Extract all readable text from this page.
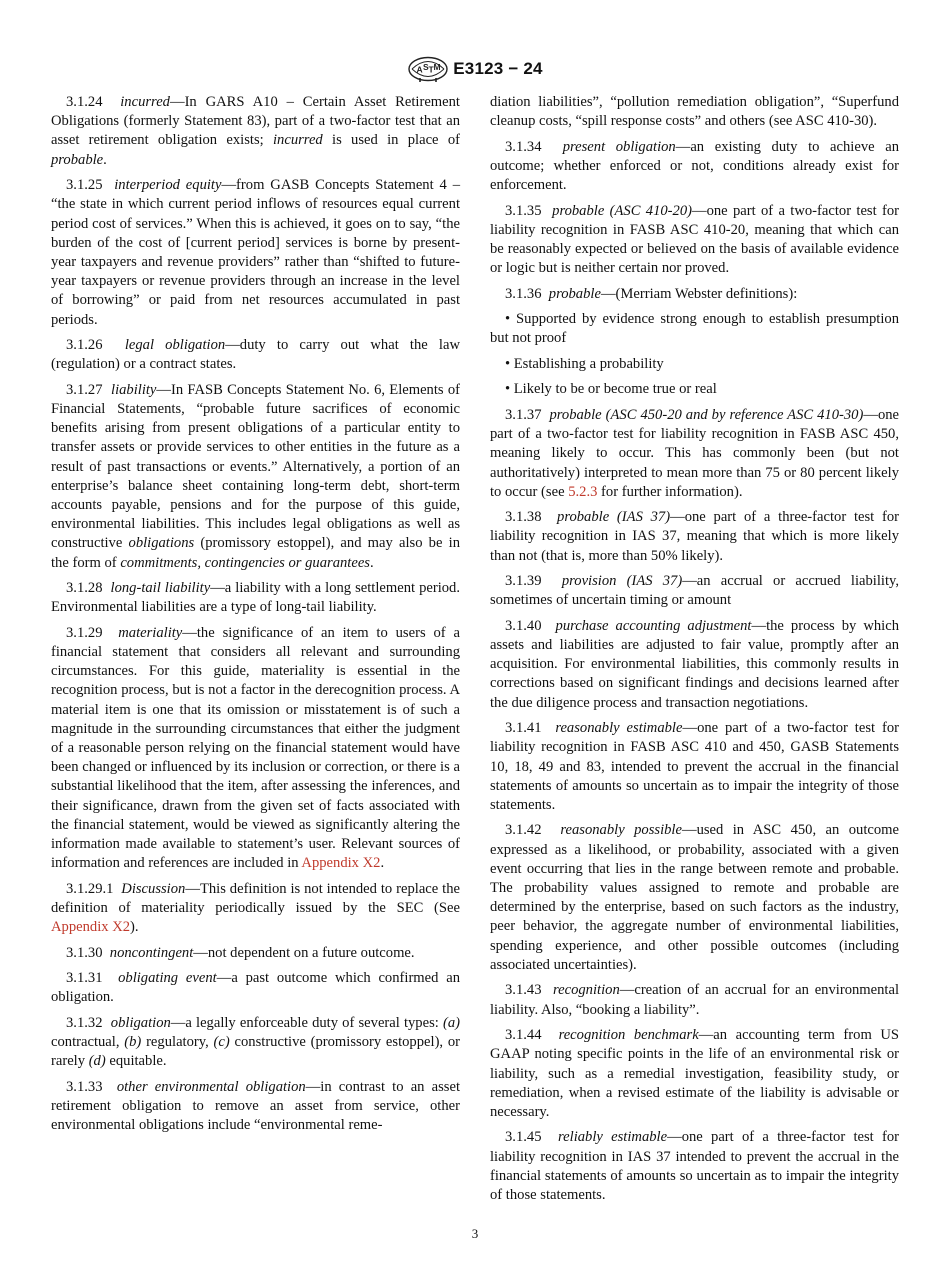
A S T M E3123 − 24

3.1.24 incurred—In GARS A10 – Certain Asset Retirement Obligations (formerly Statement 83), part of a two-factor test that an asset retirement obligation exists; incurred is used in place of probable.

3.1.25 interperiod equity—from GASB Concepts Statement 4 – “the state in which current period inflows of resources equal current period cost of services.” When this is achieved, it goes on to say, “the burden of the cost of [current period] services is borne by present-year taxpayers and revenue providers” rather than “shifted to future-year taxpayers or revenue providers through an increase in the level of borrowing” or paid from net resources accumulated in past periods.

3.1.26 legal obligation—duty to carry out what the law (regulation) or a contract states.

3.1.27 liability—In FASB Concepts Statement No. 6, Elements of Financial Statements, “probable future sacrifices of economic benefits arising from present obligations of a particular entity to transfer assets or provide services to other entities in the future as a result of past transactions or events.” Alternatively, a portion of an enterprise’s balance sheet containing long-term debt, short-term accounts payable, pensions and for the purpose of this guide, environmental liabilities. This includes legal obligations as well as constructive obligations (promissory estoppel), and may also be in the form of commitments, contingencies or guarantees.

3.1.28 long-tail liability—a liability with a long settlement period. Environmental liabilities are a type of long-tail liability.

3.1.29 materiality—the significance of an item to users of a financial statement that considers all relevant and surrounding circumstances. For this guide, materiality is essential in the recognition process, but is not a factor in the derecognition process. A material item is one that its omission or misstatement is of such a magnitude in the surrounding circumstances that either the judgment of a reasonable person relying on the financial statement would have been changed or influenced by its inclusion or correction, or there is a substantial likelihood that the item, after assessing the inferences, and their significance, drawn from the given set of facts associated with the financial statement, would be viewed as significantly altering the information made available to statement’s user. Relevant sources of information and references are included in Appendix X2.

3.1.29.1 Discussion—This definition is not intended to replace the definition of materiality periodically issued by the SEC (See Appendix X2).

3.1.30 noncontingent—not dependent on a future outcome.

3.1.31 obligating event—a past outcome which confirmed an obligation.

3.1.32 obligation—a legally enforceable duty of several types: (a) contractual, (b) regulatory, (c) constructive (promissory estoppel), or rarely (d) equitable.

3.1.33 other environmental obligation—in contrast to an asset retirement obligation to remove an asset from service, other environmental obligations include “environmental reme-

diation liabilities”, “pollution remediation obligation”, “Superfund cleanup costs, “spill response costs” and others (see ASC 410-30).

3.1.34 present obligation—an existing duty to achieve an outcome; whether enforced or not, conditions already exist for enforcement.

3.1.35 probable (ASC 410-20)—one part of a two-factor test for liability recognition in FASB ASC 410-20, meaning that which can be reasonably expected or believed on the basis of available evidence or logic but is neither certain nor proved.

3.1.36 probable—(Merriam Webster definitions):

• Supported by evidence strong enough to establish presumption but not proof

• Establishing a probability

• Likely to be or become true or real

3.1.37 probable (ASC 450-20 and by reference ASC 410-30)—one part of a two-factor test for liability recognition in FASB ASC 450, meaning likely to occur. This has commonly been (but not authoritatively) interpreted to mean more than 75 or 80 percent likely to occur (see 5.2.3 for further information).

3.1.38 probable (IAS 37)—one part of a three-factor test for liability recognition in IAS 37, meaning that which is more likely than not (that is, more than 50% likely).

3.1.39 provision (IAS 37)—an accrual or accrued liability, sometimes of uncertain timing or amount

3.1.40 purchase accounting adjustment—the process by which assets and liabilities are adjusted to fair value, promptly after an acquisition. For environmental liabilities, this commonly results in corrections based on significant findings and decisions learned after the due diligence process and transaction negotiations.

3.1.41 reasonably estimable—one part of a two-factor test for liability recognition in FASB ASC 410 and 450, GASB Statements 10, 18, 49 and 83, intended to prevent the accrual in the financial statements of amounts so uncertain as to impair the integrity of those statements.

3.1.42 reasonably possible—used in ASC 450, an outcome expressed as a likelihood, or probability, associated with a given event occurring that lies in the range between remote and probable. The probability values assigned to remote and probable are determined by the enterprise, based on such factors as the industry, peer behavior, the aggregate number of environmental liabilities, spending experience, and other possible outcomes (including associated uncertainties).

3.1.43 recognition—creation of an accrual for an environmental liability. Also, “booking a liability”.

3.1.44 recognition benchmark—an accounting term from US GAAP noting specific points in the life of an environmental risk or liability, such as a remedial investigation, feasibility study, or remediation, when a revised estimate of the liability is advisable or necessary.

3.1.45 reliably estimable—one part of a three-factor test for liability recognition in IAS 37 intended to prevent the accrual in the financial statements of amounts so uncertain as to impair the integrity of those statements.

3
